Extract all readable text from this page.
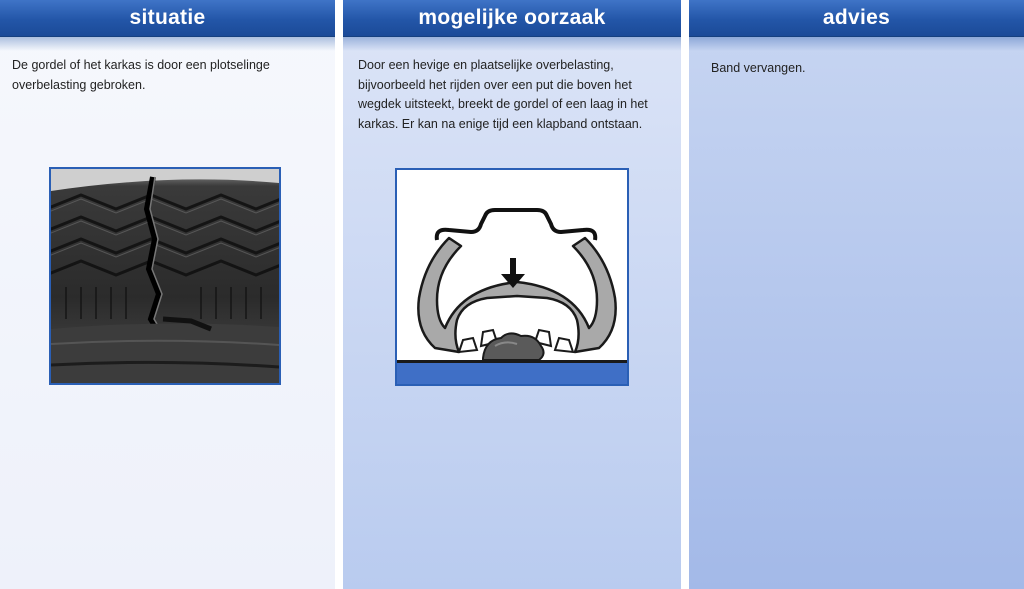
situatie
De gordel of het karkas is door een plotselinge overbelasting gebroken.
mogelijke oorzaak
Door een hevige en plaatselijke overbelasting, bijvoorbeeld het rijden over een put die boven het wegdek uitsteekt, breekt de gordel of een laag in het karkas. Er kan na enige tijd een klapband ontstaan.
advies
Band vervangen.
